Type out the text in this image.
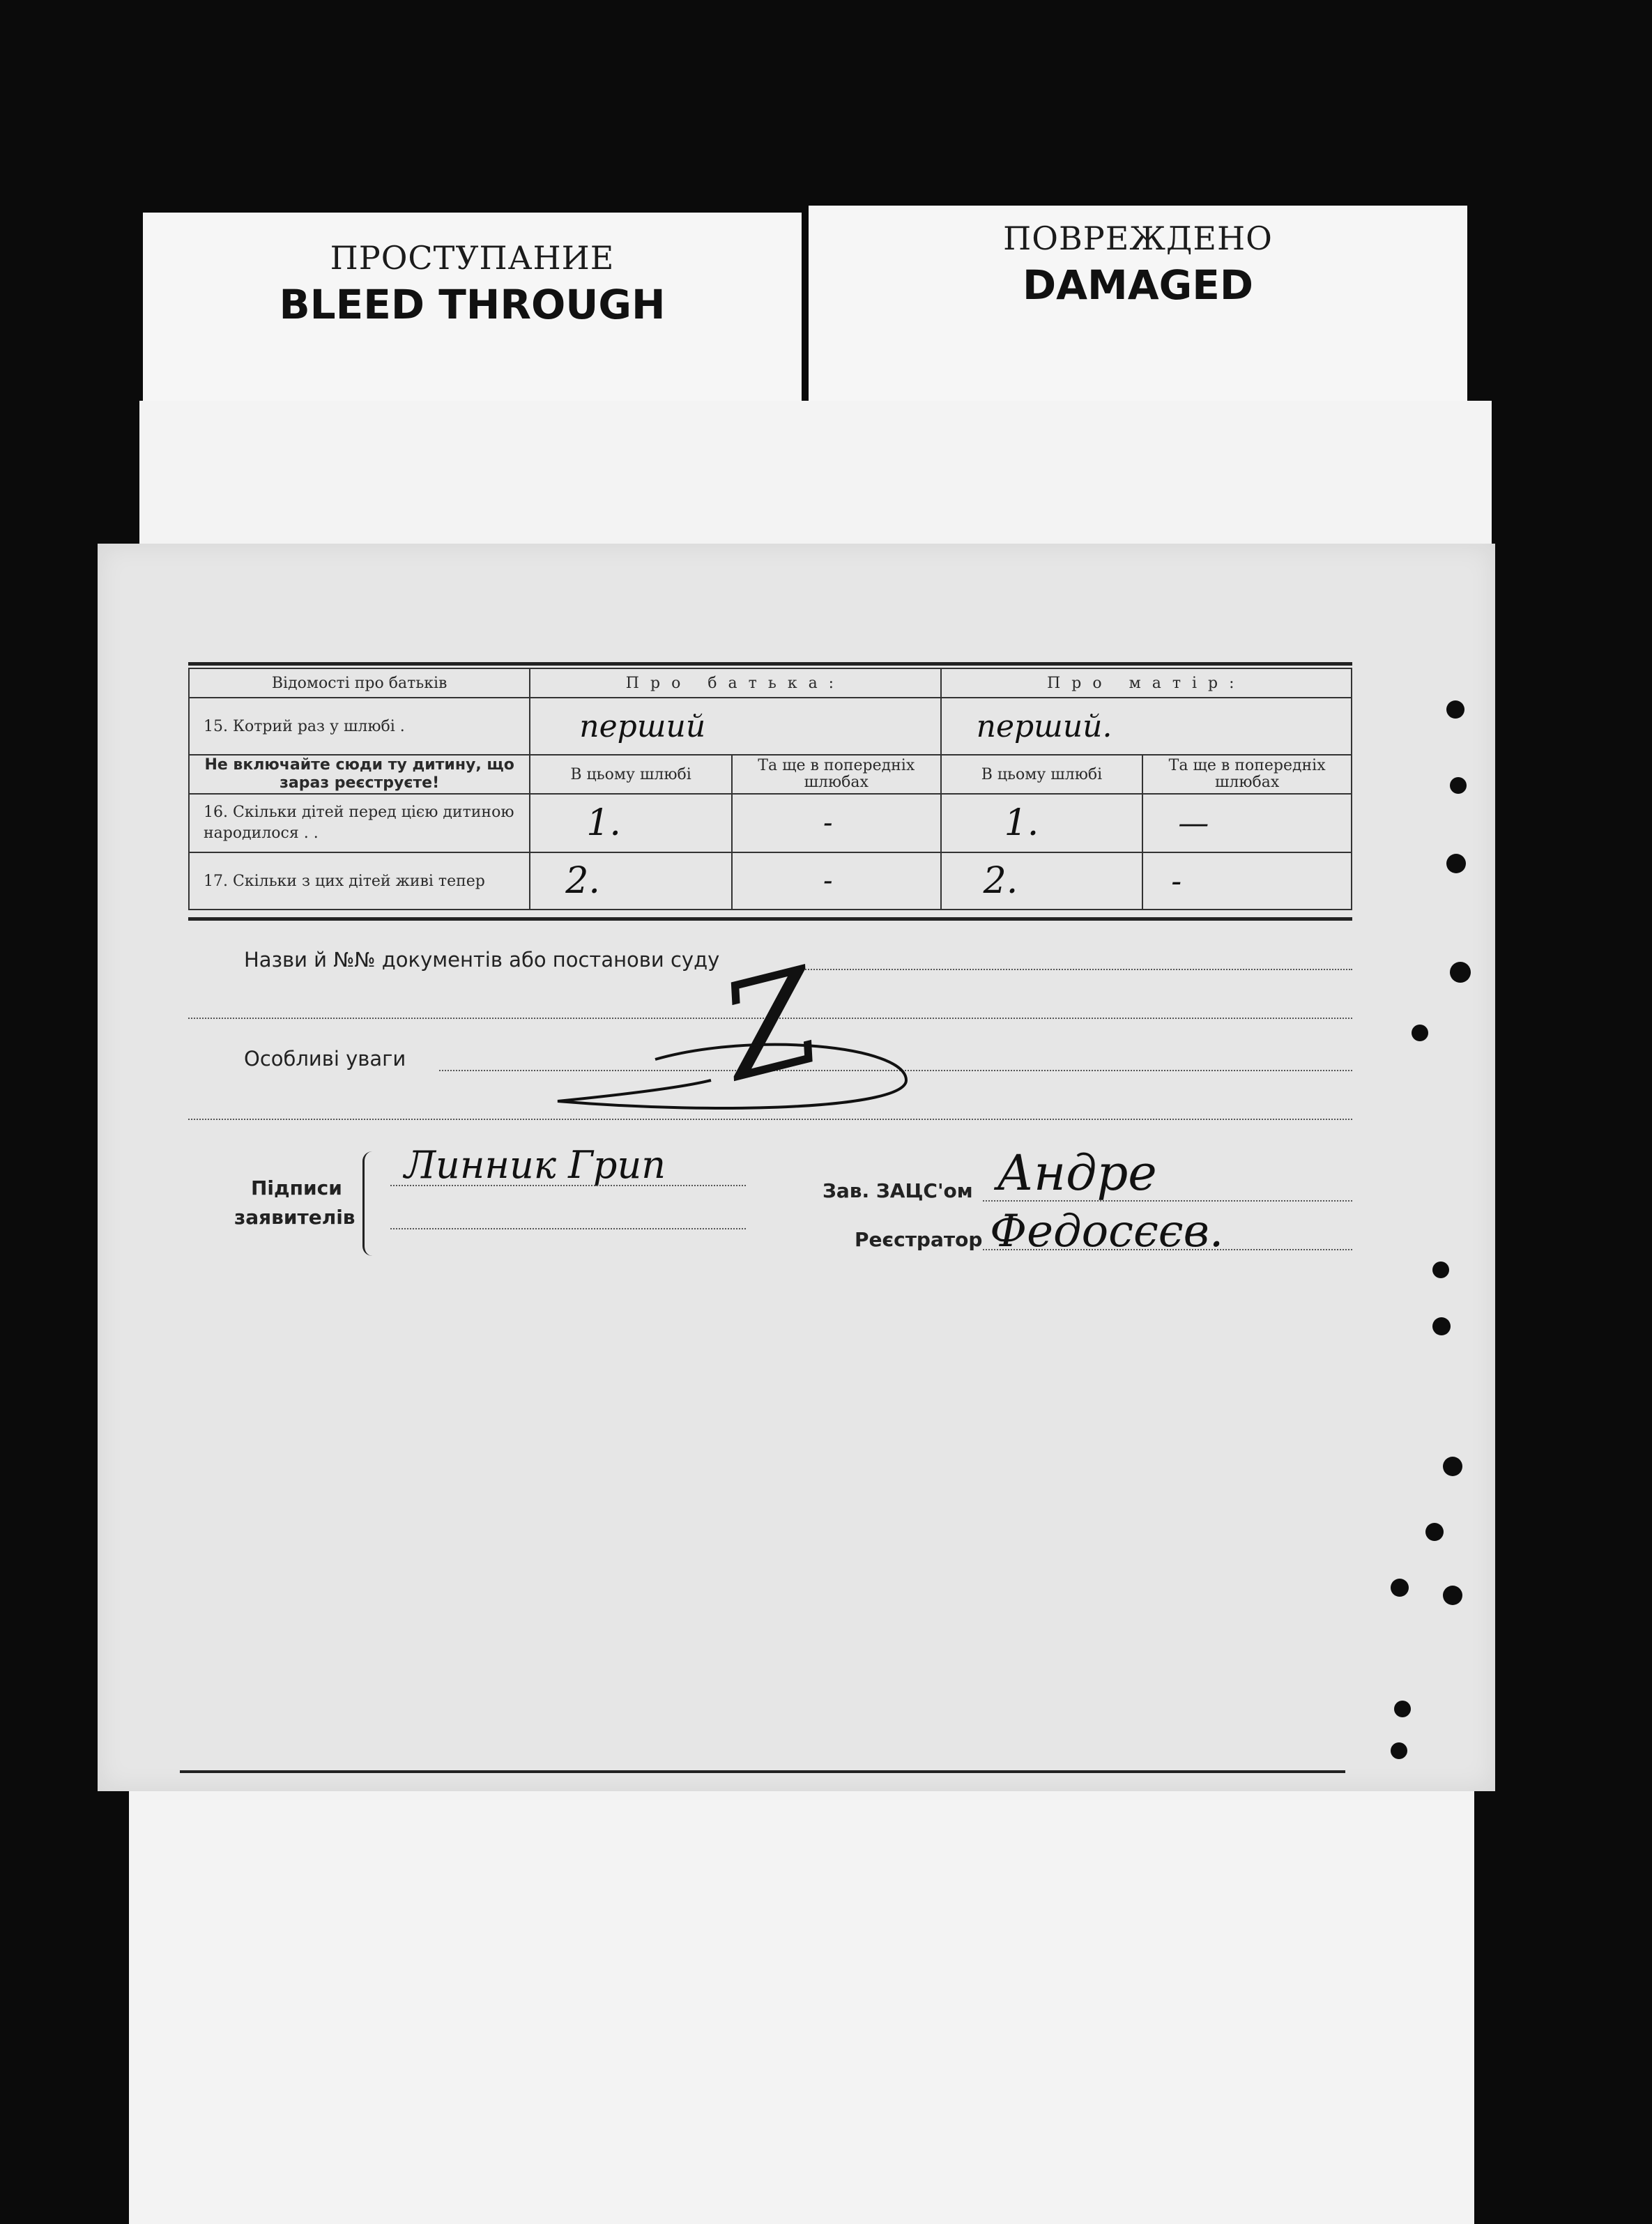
ПРОСТУПАНИЕ
BLEED THROUGH
ПОВРЕЖДЕНО
DAMAGED
Відомості про батьків	Про батька:		Про матір:	
15. Котрий раз у шлюбі .	перший		перший.	
Не включайте сюди ту дитину, що зараз реєструєте!	В цьому шлюбі	Та ще в попередніх шлюбах	В цьому шлюбі	Та ще в попередніх шлюбах
16. Скільки дітей перед цією дитиною народилося . .	1.	-	1.	—
17. Скільки з цих дітей живі тепер	2.	-	2.	-
Назви й №№ документів або постанови суду
Особливі уваги Z
Підписи
заявителів
Линник Грип
Зав. ЗАЦС'ом Андре
Реєстратор Федосєєв.
